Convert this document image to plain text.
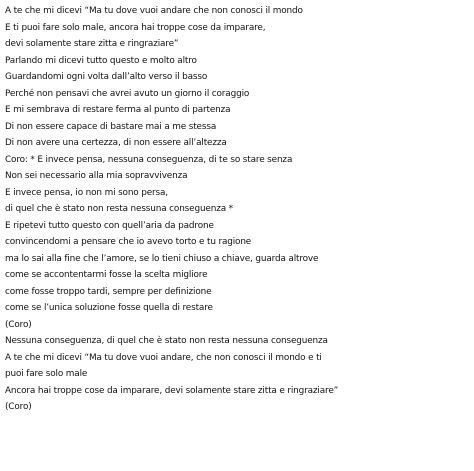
A te che mi dicevi “Ma tu dove vuoi andare che non conosci il mondo
E ti puoi fare solo male, ancora hai troppe cose da imparare,
devi solamente stare zitta e ringraziare”
Parlando mi dicevi tutto questo e molto altro
Guardandomi ogni volta dall’alto verso il basso
Perché non pensavi che avrei avuto un giorno il coraggio
E mi sembrava di restare ferma al punto di partenza
Di non essere capace di bastare mai a me stessa
Di non avere una certezza, di non essere all’altezza
Coro: * E invece pensa, nessuna conseguenza, di te so stare senza
Non sei necessario alla mia sopravvivenza
E invece pensa, io non mi sono persa,
di quel che è stato non resta nessuna conseguenza *
E ripetevi tutto questo con quell’aria da padrone
convincendomi a pensare che io avevo torto e tu ragione
ma lo sai alla fine che l’amore, se lo tieni chiuso a chiave, guarda altrove
come se accontentarmi fosse la scelta migliore
come fosse troppo tardi, sempre per definizione
come se l’unica soluzione fosse quella di restare
(Coro)
Nessuna conseguenza, di quel che è stato non resta nessuna conseguenza
A te che mi dicevi “Ma tu dove vuoi andare, che non conosci il mondo e ti
puoi fare solo male
Ancora hai troppe cose da imparare, devi solamente stare zitta e ringraziare”
(Coro)
